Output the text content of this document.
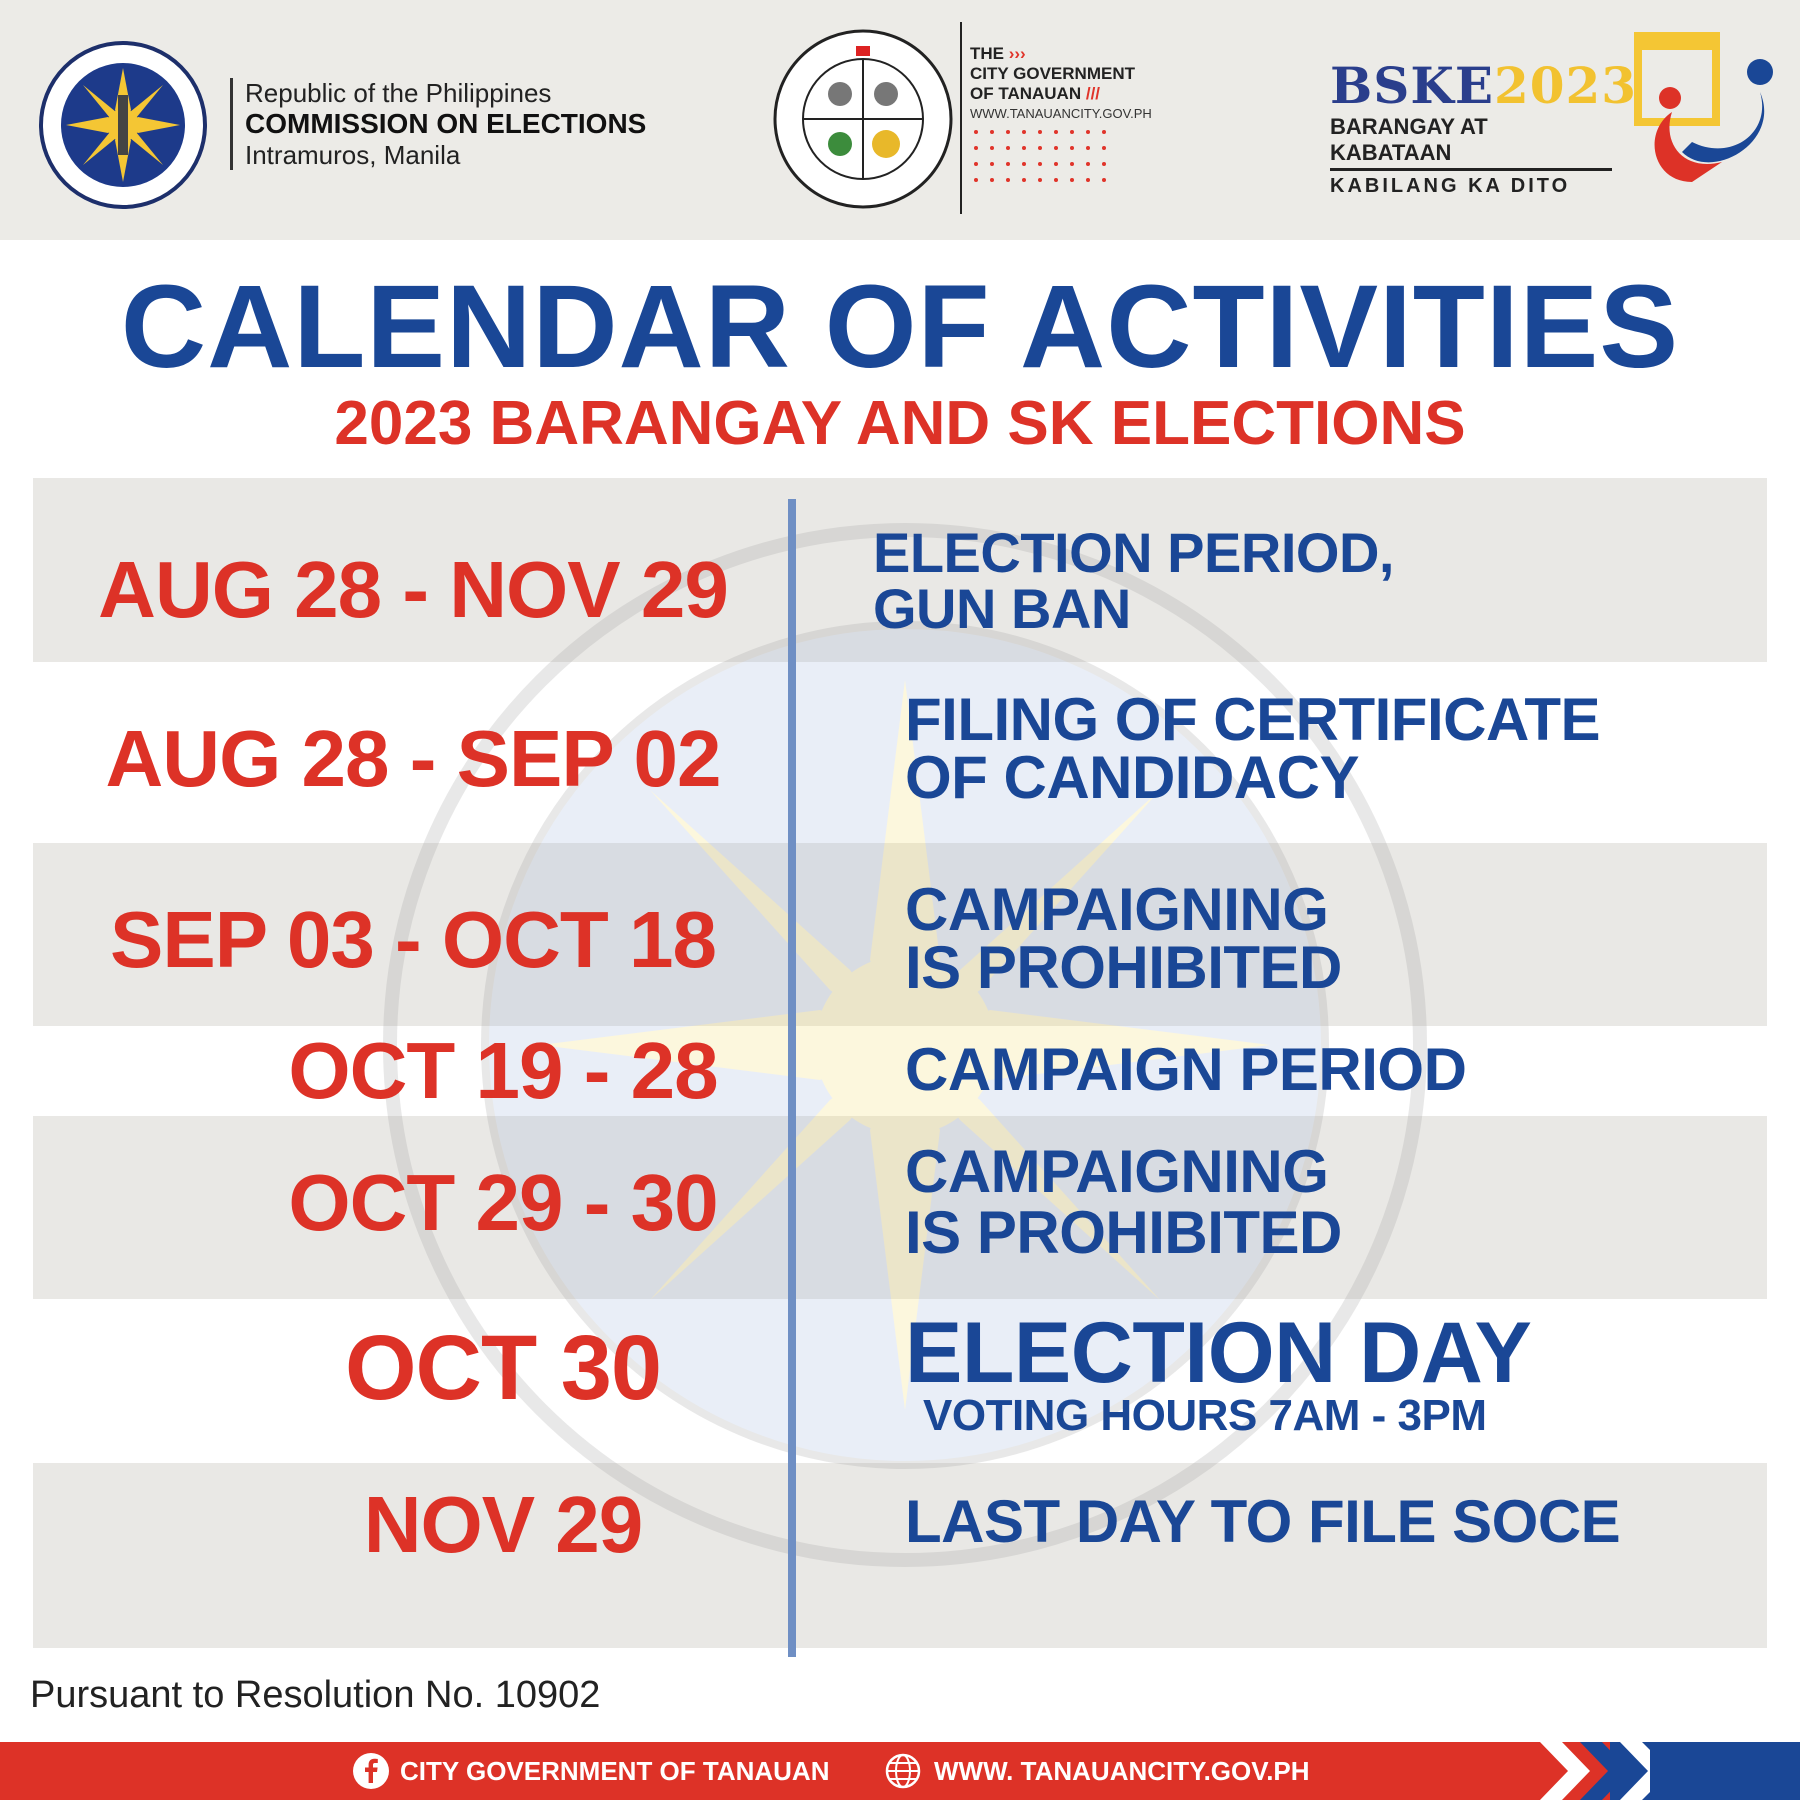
Republic of the Philippines
COMMISSION ON ELECTIONS
Intramuros, Manila
THE ›››
CITY GOVERNMENT
OF TANAUAN ///
WWW.TANAUANCITY.GOV.PH	BSKE2023
BARANGAY AT KABATAAN
KABILANG KA DITO
CALENDAR OF ACTIVITIES
2023 BARANGAY AND SK ELECTIONS
AUG 28 - NOV 29	ELECTION PERIOD,
GUN BAN
AUG 28 - SEP 02	FILING OF CERTIFICATE
OF CANDIDACY
SEP 03 - OCT 18	CAMPAIGNING
IS PROHIBITED
OCT 19 - 28	CAMPAIGN PERIOD
OCT 29 - 30	CAMPAIGNING
IS PROHIBITED
OCT 30	ELECTION DAY
VOTING HOURS 7AM - 3PM
NOV 29	LAST DAY TO FILE SOCE
Pursuant to Resolution No. 10902
CITY GOVERNMENT OF TANAUAN	WWW. TANAUANCITY.GOV.PH
